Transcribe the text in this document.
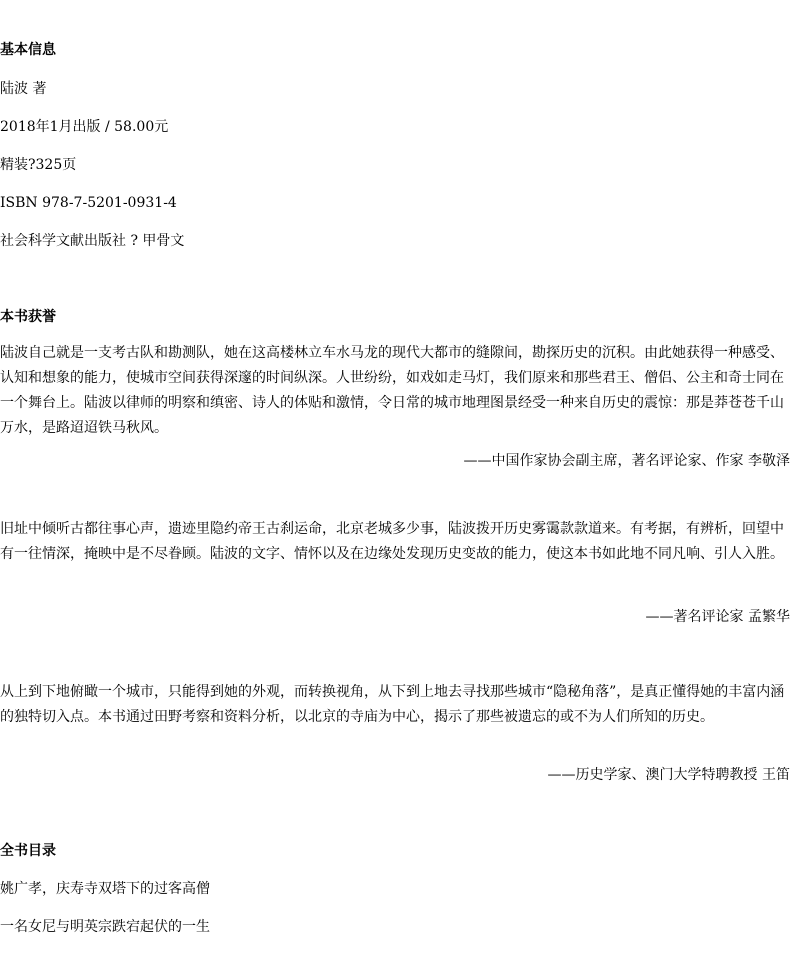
基本信息

陆波 著

2018年1月出版 / 58.00元

精装?325页

ISBN 978-7-5201-0931-4

社会科学文献出版社 ? 甲骨文

本书获誉

陆波自己就是一支考古队和勘测队，她在这高楼林立车水马龙的现代大都市的缝隙间，勘探历史的沉积。由此她获得一种感受、认知和想象的能力，使城市空间获得深邃的时间纵深。人世纷纷，如戏如走马灯，我们原来和那些君王、僧侣、公主和奇士同在一个舞台上。陆波以律师的明察和缜密、诗人的体贴和激情，令日常的城市地理图景经受一种来自历史的震惊：那是莽苍苍千山万水，是路迢迢铁马秋风。

——中国作家协会副主席，著名评论家、作家 李敬泽

旧址中倾听古都往事心声，遗迹里隐约帝王古刹运命，北京老城多少事，陆波拨开历史雾霭款款道来。有考据，有辨析，回望中有一往情深，掩映中是不尽眷顾。陆波的文字、情怀以及在边缘处发现历史变故的能力，使这本书如此地不同凡响、引人入胜。

——著名评论家 孟繁华

从上到下地俯瞰一个城市，只能得到她的外观，而转换视角，从下到上地去寻找那些城市“隐秘角落”，是真正懂得她的丰富内涵的独特切入点。本书通过田野考察和资料分析，以北京的寺庙为中心，揭示了那些被遗忘的或不为人们所知的历史。

——历史学家、澳门大学特聘教授 王笛

全书目录

姚广孝，庆寿寺双塔下的过客高僧

一名女尼与明英宗跌宕起伏的一生
